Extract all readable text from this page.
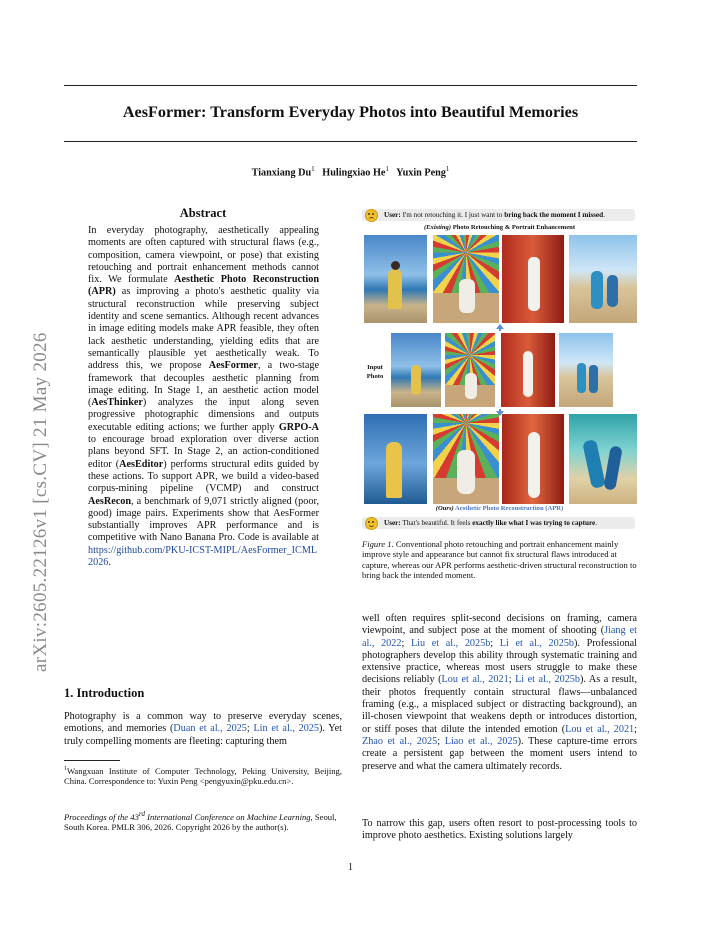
arXiv:2605.22126v1 [cs.CV] 21 May 2026
AesFormer: Transform Everyday Photos into Beautiful Memories
Tianxiang Du$^1$ Hulingxiao He$^1$ Yuxin Peng$^1$
Abstract
In everyday photography, aesthetically appealing moments are often captured with structural flaws (e.g., composition, camera viewpoint, or pose) that existing retouching and portrait enhancement methods cannot fix. We formulate Aesthetic Photo Reconstruction (APR) as improving a photo's aesthetic quality via structural reconstruction while preserving subject identity and scene semantics. Although recent advances in image editing models make APR feasible, they often lack aesthetic understanding, yielding edits that are semantically plausible yet aesthetically weak. To address this, we propose AesFormer, a two-stage framework that decouples aesthetic planning from image editing. In Stage 1, an aesthetic action model (AesThinker) analyzes the input along seven progressive photographic dimensions and outputs executable editing actions; we further apply GRPO-A to encourage broad exploration over diverse action plans beyond SFT. In Stage 2, an action-conditioned editor (AesEditor) performs structural edits guided by these actions. To support APR, we build a video-based corpus-mining pipeline (VCMP) and construct AesRecon, a benchmark of 9,071 strictly aligned (poor, good) image pairs. Experiments show that AesFormer substantially improves APR performance and is competitive with Nano Banana Pro. Code is available at https://github.com/PKU-ICST-MIPL/AesFormer_ICML2026.
1. Introduction
Photography is a common way to preserve everyday scenes, emotions, and memories (Duan et al., 2025; Lin et al., 2025). Yet truly compelling moments are fleeting: capturing them
$^1$Wangxuan Institute of Computer Technology, Peking University, Beijing, China. Correspondence to: Yuxin Peng <pengyuxin@pku.edu.cn>.
Proceedings of the 43rd International Conference on Machine Learning, Seoul, South Korea. PMLR 306, 2026. Copyright 2026 by the author(s).
User: I'm not retouching it. I just want to bring back the moment I missed.
(Existing) Photo Retouching & Portrait Enhancement
Input
Photo
(Ours) Aesthetic Photo Reconstruction (APR)
User: That's beautiful. It feels exactly like what I was trying to capture.
Figure 1. Conventional photo retouching and portrait enhancement mainly improve style and appearance but cannot fix structural flaws introduced at capture, whereas our APR performs aesthetic-driven structural reconstruction to bring back the intended moment.
well often requires split-second decisions on framing, camera viewpoint, and subject pose at the moment of shooting (Jiang et al., 2022; Liu et al., 2025b; Li et al., 2025b). Professional photographers develop this ability through systematic training and extensive practice, whereas most users struggle to make these decisions reliably (Lou et al., 2021; Li et al., 2025b). As a result, their photos frequently contain structural flaws—unbalanced framing (e.g., a misplaced subject or distracting background), an ill-chosen viewpoint that weakens depth or introduces distortion, or stiff poses that dilute the intended emotion (Lou et al., 2021; Zhao et al., 2025; Liao et al., 2025). These capture-time errors create a persistent gap between the moment users intend to preserve and what the camera ultimately records.
To narrow this gap, users often resort to post-processing tools to improve photo aesthetics. Existing solutions largely
1
